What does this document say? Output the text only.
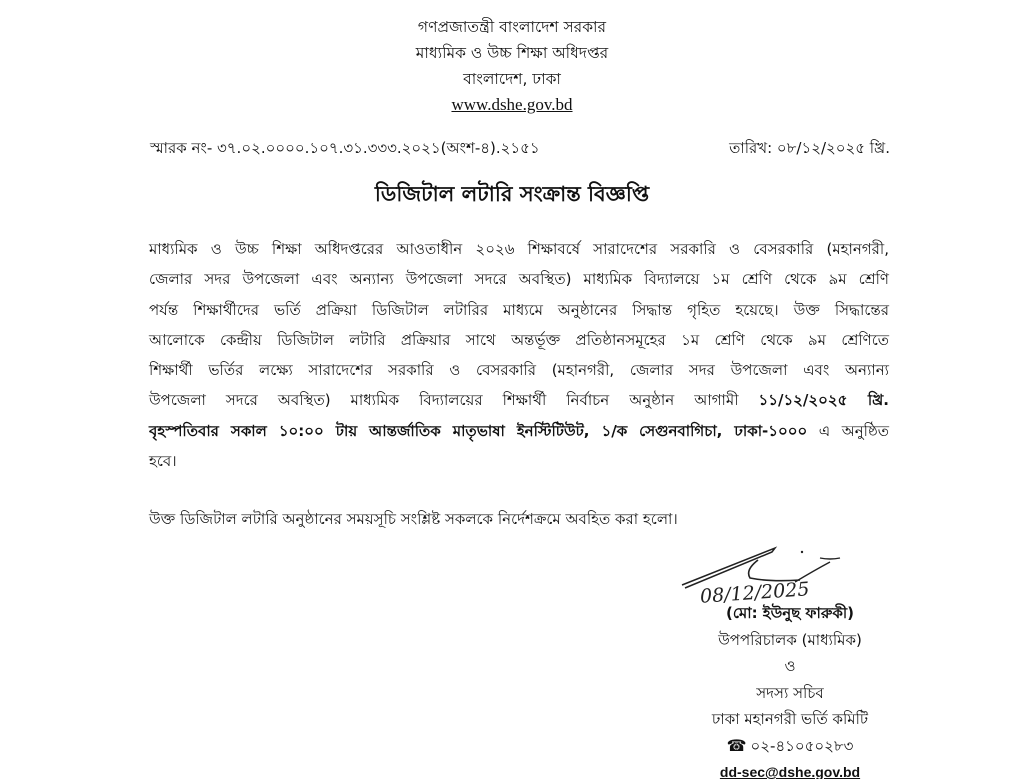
গণপ্রজাতন্ত্রী বাংলাদেশ সরকার
মাধ্যমিক ও উচ্চ শিক্ষা অধিদপ্তর
বাংলাদেশ, ঢাকা
www.dshe.gov.bd
স্মারক নং- ৩৭.০২.০০০০.১০৭.৩১.৩৩৩.২০২১(অংশ-৪).২১৫১	তারিখ: ০৮/১২/২০২৫ খ্রি.
ডিজিটাল লটারি সংক্রান্ত বিজ্ঞপ্তি
মাধ্যমিক ও উচ্চ শিক্ষা অধিদপ্তরের আওতাধীন ২০২৬ শিক্ষাবর্ষে সারাদেশের সরকারি ও বেসরকারি (মহানগরী,
জেলার সদর উপজেলা এবং অন্যান্য উপজেলা সদরে অবস্থিত) মাধ্যমিক বিদ্যালয়ে ১ম শ্রেণি থেকে ৯ম শ্রেণি
পর্যন্ত শিক্ষার্থীদের ভর্তি প্রক্রিয়া ডিজিটাল লটারির মাধ্যমে অনুষ্ঠানের সিদ্ধান্ত গৃহিত হয়েছে। উক্ত সিদ্ধান্তের
আলোকে কেন্দ্রীয় ডিজিটাল লটারি প্রক্রিয়ার সাথে অন্তর্ভূক্ত প্রতিষ্ঠানসমূহের ১ম শ্রেণি থেকে ৯ম শ্রেণিতে
শিক্ষার্থী ভর্তির লক্ষ্যে সারাদেশের সরকারি ও বেসরকারি (মহানগরী, জেলার সদর উপজেলা এবং অন্যান্য
উপজেলা সদরে অবস্থিত) মাধ্যমিক বিদ্যালয়ের শিক্ষার্থী নির্বাচন অনুষ্ঠান আগামী ১১/১২/২০২৫ খ্রি.
বৃহস্পতিবার সকাল ১০:০০ টায় আন্তর্জাতিক মাতৃভাষা ইনস্টিটিউট, ১/ক সেগুনবাগিচা, ঢাকা-১০০০ এ অনুষ্ঠিত
হবে।
উক্ত ডিজিটাল লটারি অনুষ্ঠানের সময়সূচি সংশ্লিষ্ট সকলকে নির্দেশক্রমে অবহিত করা হলো।
08/12/2025
(মো: ইউনুছ ফারুকী)
উপপরিচালক (মাধ্যমিক)
ও
সদস্য সচিব
ঢাকা মহানগরী ভর্তি কমিটি
☎ ০২-৪১০৫০২৮৩
dd-sec@dshe.gov.bd
